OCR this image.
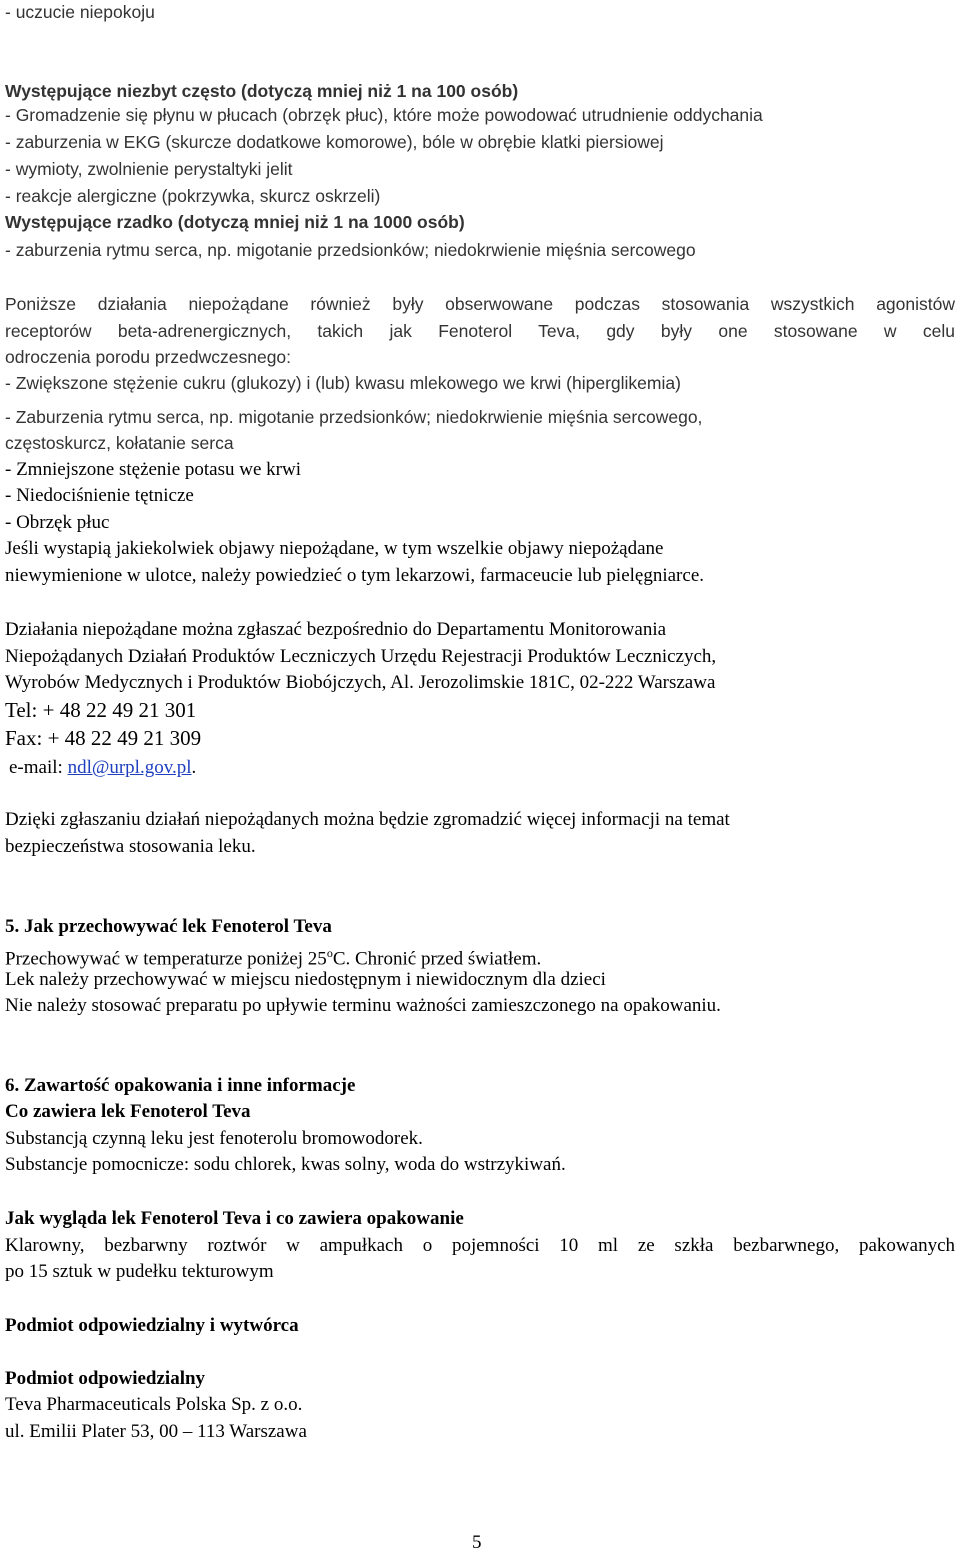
- uczucie niepokoju

Występujące niezbyt często (dotyczą mniej niż 1 na 100 osób)

- Gromadzenie się płynu w płucach (obrzęk płuc), które może powodować utrudnienie oddychania

- zaburzenia w EKG (skurcze dodatkowe komorowe), bóle w obrębie klatki piersiowej

- wymioty, zwolnienie perystaltyki jelit

- reakcje alergiczne (pokrzywka, skurcz oskrzeli)

Występujące rzadko (dotyczą mniej niż 1 na 1000 osób)

- zaburzenia rytmu serca, np. migotanie przedsionków; niedokrwienie mięśnia sercowego

Poniższe działania niepożądane również były obserwowane podczas stosowania wszystkich agonistów

receptorów beta-adrenergicznych, takich jak Fenoterol Teva, gdy były one stosowane w celu

odroczenia porodu przedwczesnego:

- Zwiększone stężenie cukru (glukozy) i (lub) kwasu mlekowego we krwi (hiperglikemia)

- Zaburzenia rytmu serca, np. migotanie przedsionków; niedokrwienie mięśnia sercowego,

częstoskurcz, kołatanie serca

- Zmniejszone stężenie potasu we krwi

- Niedociśnienie tętnicze

- Obrzęk płuc

Jeśli wystapią jakiekolwiek objawy niepożądane, w tym wszelkie objawy niepożądane

niewymienione w ulotce, należy powiedzieć o tym lekarzowi, farmaceucie lub pielęgniarce.

Działania niepożądane można zgłaszać bezpośrednio do Departamentu Monitorowania

Niepożądanych Działań Produktów Leczniczych Urzędu Rejestracji Produktów Leczniczych,

Wyrobów Medycznych i Produktów Biobójczych, Al. Jerozolimskie 181C, 02-222 Warszawa

Tel: + 48 22 49 21 301

Fax: + 48 22 49 21 309

e-mail: ndl@urpl.gov.pl.

Dzięki zgłaszaniu działań niepożądanych można będzie zgromadzić więcej informacji na temat

bezpieczeństwa stosowania leku.

5. Jak przechowywać lek Fenoterol Teva

Przechowywać w temperaturze poniżej 25$^o$C. Chronić przed światłem.

Lek należy przechowywać w miejscu niedostępnym i niewidocznym dla dzieci

Nie należy stosować preparatu po upływie terminu ważności zamieszczonego na opakowaniu.

6. Zawartość opakowania i inne informacje

Co zawiera lek Fenoterol Teva

Substancją czynną leku jest fenoterolu bromowodorek.

Substancje pomocnicze: sodu chlorek, kwas solny, woda do wstrzykiwań.

Jak wygląda lek Fenoterol Teva i co zawiera opakowanie

Klarowny, bezbarwny roztwór w ampułkach o pojemności 10 ml ze szkła bezbarwnego, pakowanych

po 15 sztuk w pudełku tekturowym

Podmiot odpowiedzialny i wytwórca

Podmiot odpowiedzialny

Teva Pharmaceuticals Polska Sp. z o.o.

ul. Emilii Plater 53, 00 – 113 Warszawa

5
